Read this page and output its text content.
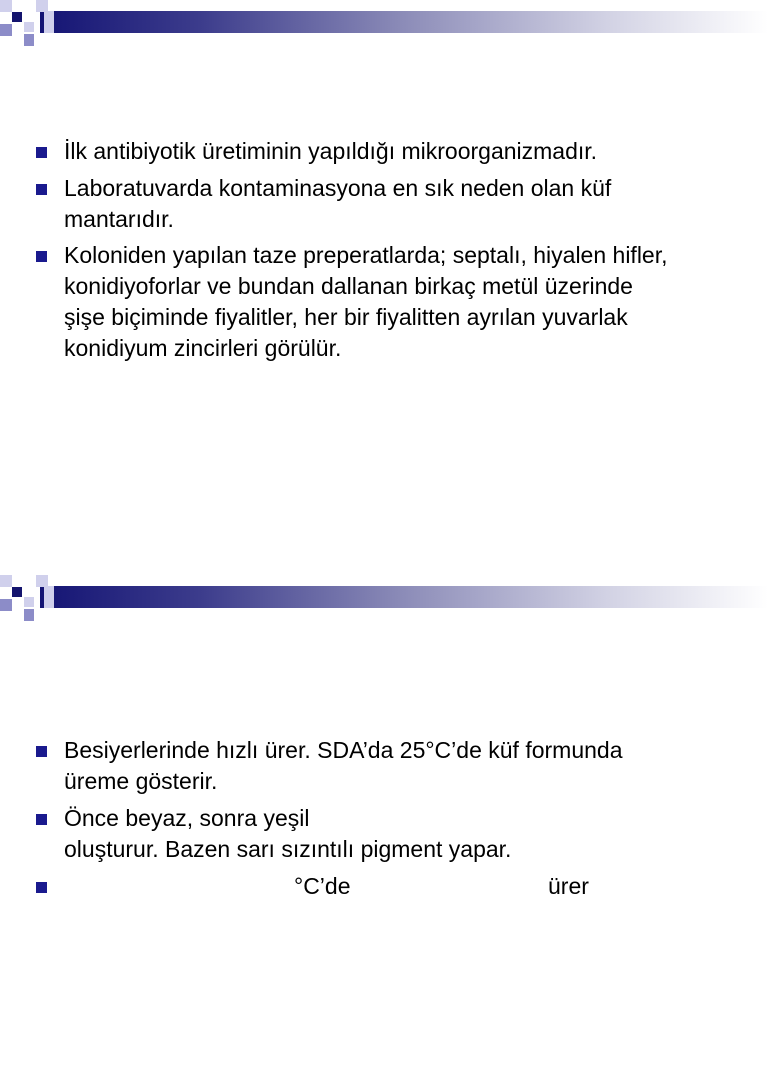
İlk antibiyotik üretiminin yapıldığı mikroorganizmadır.
Laboratuvarda kontaminasyona en sık neden olan küf
mantarıdır.
Koloniden yapılan taze preperatlarda; septalı, hiyalen hifler,
konidiyoforlar ve bundan dallanan birkaç metül üzerinde
şişe biçiminde fiyalitler, her bir fiyalitten ayrılan yuvarlak
konidiyum zincirleri görülür.
Besiyerlerinde hızlı ürer. SDA’da 25°C’de küf formunda
üreme gösterir.
Önce beyaz, sonra yeşil
oluşturur. Bazen sarı sızıntılı pigment yapar.
°C’de	ürer
